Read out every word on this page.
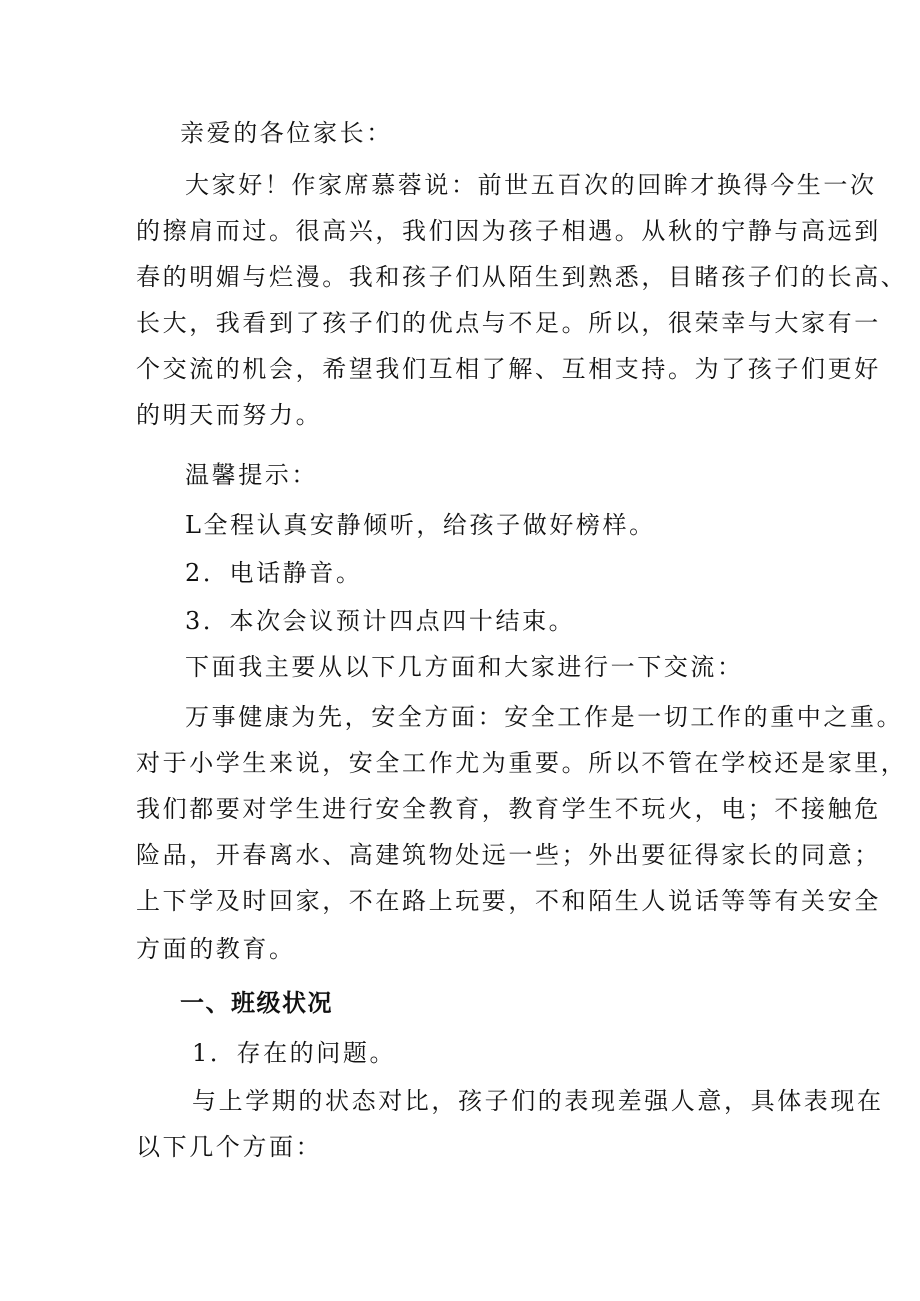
亲爱的各位家长：
大家好！作家席慕蓉说：前世五百次的回眸才换得今生一次
的擦肩而过。很高兴，我们因为孩子相遇。从秋的宁静与高远到
春的明媚与烂漫。我和孩子们从陌生到熟悉，目睹孩子们的长高、
长大，我看到了孩子们的优点与不足。所以，很荣幸与大家有一
个交流的机会，希望我们互相了解、互相支持。为了孩子们更好
的明天而努力。
温馨提示：
L全程认真安静倾听，给孩子做好榜样。
2．电话静音。
3．本次会议预计四点四十结束。
下面我主要从以下几方面和大家进行一下交流：
万事健康为先，安全方面：安全工作是一切工作的重中之重。
对于小学生来说，安全工作尤为重要。所以不管在学校还是家里，
我们都要对学生进行安全教育，教育学生不玩火，电；不接触危
险品，开春离水、高建筑物处远一些；外出要征得家长的同意；
上下学及时回家，不在路上玩要，不和陌生人说话等等有关安全
方面的教育。
一、班级状况
1．存在的问题。
与上学期的状态对比，孩子们的表现差强人意，具体表现在
以下几个方面：
